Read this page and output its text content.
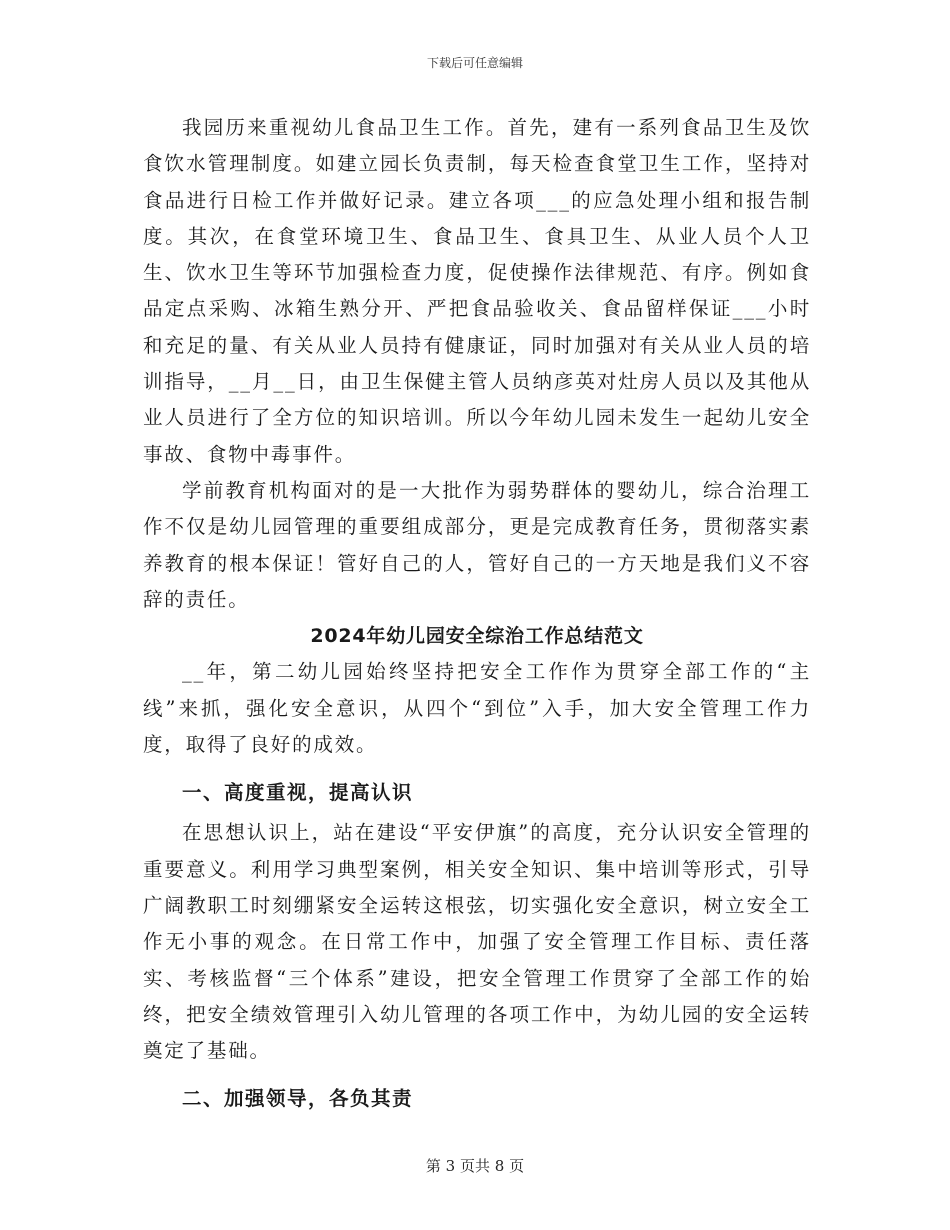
下载后可任意编辑

我园历来重视幼儿食品卫生工作。首先，建有一系列食品卫生及饮食饮水管理制度。如建立园长负责制，每天检查食堂卫生工作，坚持对食品进行日检工作并做好记录。建立各项___的应急处理小组和报告制度。其次，在食堂环境卫生、食品卫生、食具卫生、从业人员个人卫生、饮水卫生等环节加强检查力度，促使操作法律规范、有序。例如食品定点采购、冰箱生熟分开、严把食品验收关、食品留样保证___小时和充足的量、有关从业人员持有健康证，同时加强对有关从业人员的培训指导，__月__日，由卫生保健主管人员纳彦英对灶房人员以及其他从业人员进行了全方位的知识培训。所以今年幼儿园未发生一起幼儿安全事故、食物中毒事件。

学前教育机构面对的是一大批作为弱势群体的婴幼儿，综合治理工作不仅是幼儿园管理的重要组成部分，更是完成教育任务，贯彻落实素养教育的根本保证！管好自己的人，管好自己的一方天地是我们义不容辞的责任。

2024年幼儿园安全综治工作总结范文

__年，第二幼儿园始终坚持把安全工作作为贯穿全部工作的“主线”来抓，强化安全意识，从四个“到位”入手，加大安全管理工作力度，取得了良好的成效。

一、高度重视，提高认识

在思想认识上，站在建设“平安伊旗”的高度，充分认识安全管理的重要意义。利用学习典型案例，相关安全知识、集中培训等形式，引导广阔教职工时刻绷紧安全运转这根弦，切实强化安全意识，树立安全工作无小事的观念。在日常工作中，加强了安全管理工作目标、责任落实、考核监督“三个体系”建设，把安全管理工作贯穿了全部工作的始终，把安全绩效管理引入幼儿管理的各项工作中，为幼儿园的安全运转奠定了基础。

二、加强领导，各负其责

第 3 页共 8 页
